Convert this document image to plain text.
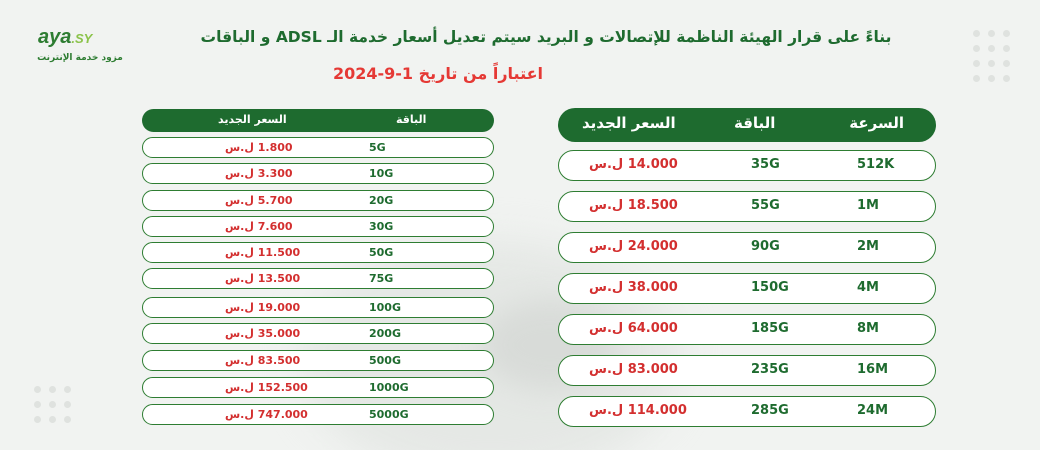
aya.SY
مزود خدمة الإنترنت
بناءً على قرار الهيئة الناظمة للإتصالات و البريد سيتم تعديل أسعار خدمة الـ ADSL و الباقات
اعتباراً من تاريخ 1-9-2024
السرعة
الباقة
السعر الجديد
512K
35G
14.000 ل.س
1M
55G
18.500 ل.س
2M
90G
24.000 ل.س
4M
150G
38.000 ل.س
8M
185G
64.000 ل.س
16M
235G
83.000 ل.س
24M
285G
114.000 ل.س
الباقة
السعر الجديد
5G
1.800 ل.س
10G
3.300 ل.س
20G
5.700 ل.س
30G
7.600 ل.س
50G
11.500 ل.س
75G
13.500 ل.س
100G
19.000 ل.س
200G
35.000 ل.س
500G
83.500 ل.س
1000G
152.500 ل.س
5000G
747.000 ل.س
